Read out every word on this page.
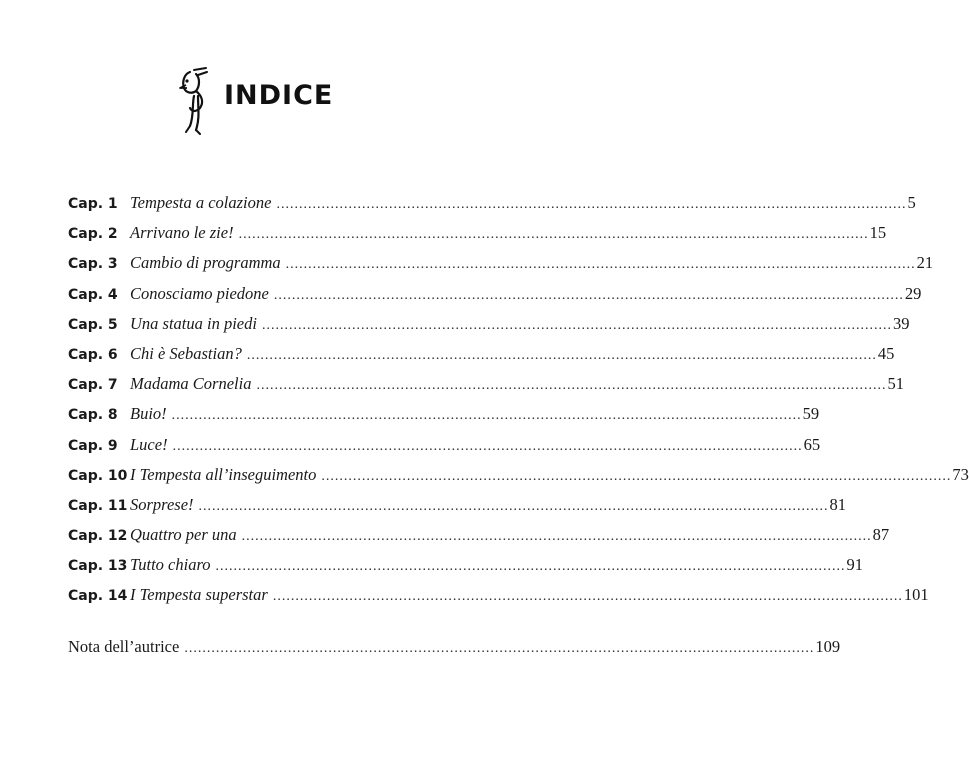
INDICE
Cap. 1 Tempesta a colazione ............................................................................................................................................ 5
Cap. 2 Arrivano le zie! ............................................................................................................................................ 15
Cap. 3 Cambio di programma ............................................................................................................................................ 21
Cap. 4 Conosciamo piedone ............................................................................................................................................ 29
Cap. 5 Una statua in piedi ............................................................................................................................................ 39
Cap. 6 Chi è Sebastian? ............................................................................................................................................ 45
Cap. 7 Madama Cornelia ............................................................................................................................................ 51
Cap. 8 Buio! ............................................................................................................................................ 59
Cap. 9 Luce! ............................................................................................................................................ 65
Cap. 10 I Tempesta all’inseguimento ............................................................................................................................................ 73
Cap. 11 Sorprese! ............................................................................................................................................ 81
Cap. 12 Quattro per una ............................................................................................................................................ 87
Cap. 13 Tutto chiaro ............................................................................................................................................ 91
Cap. 14 I Tempesta superstar ............................................................................................................................................ 101
Nota dell’autrice ............................................................................................................................................ 109
